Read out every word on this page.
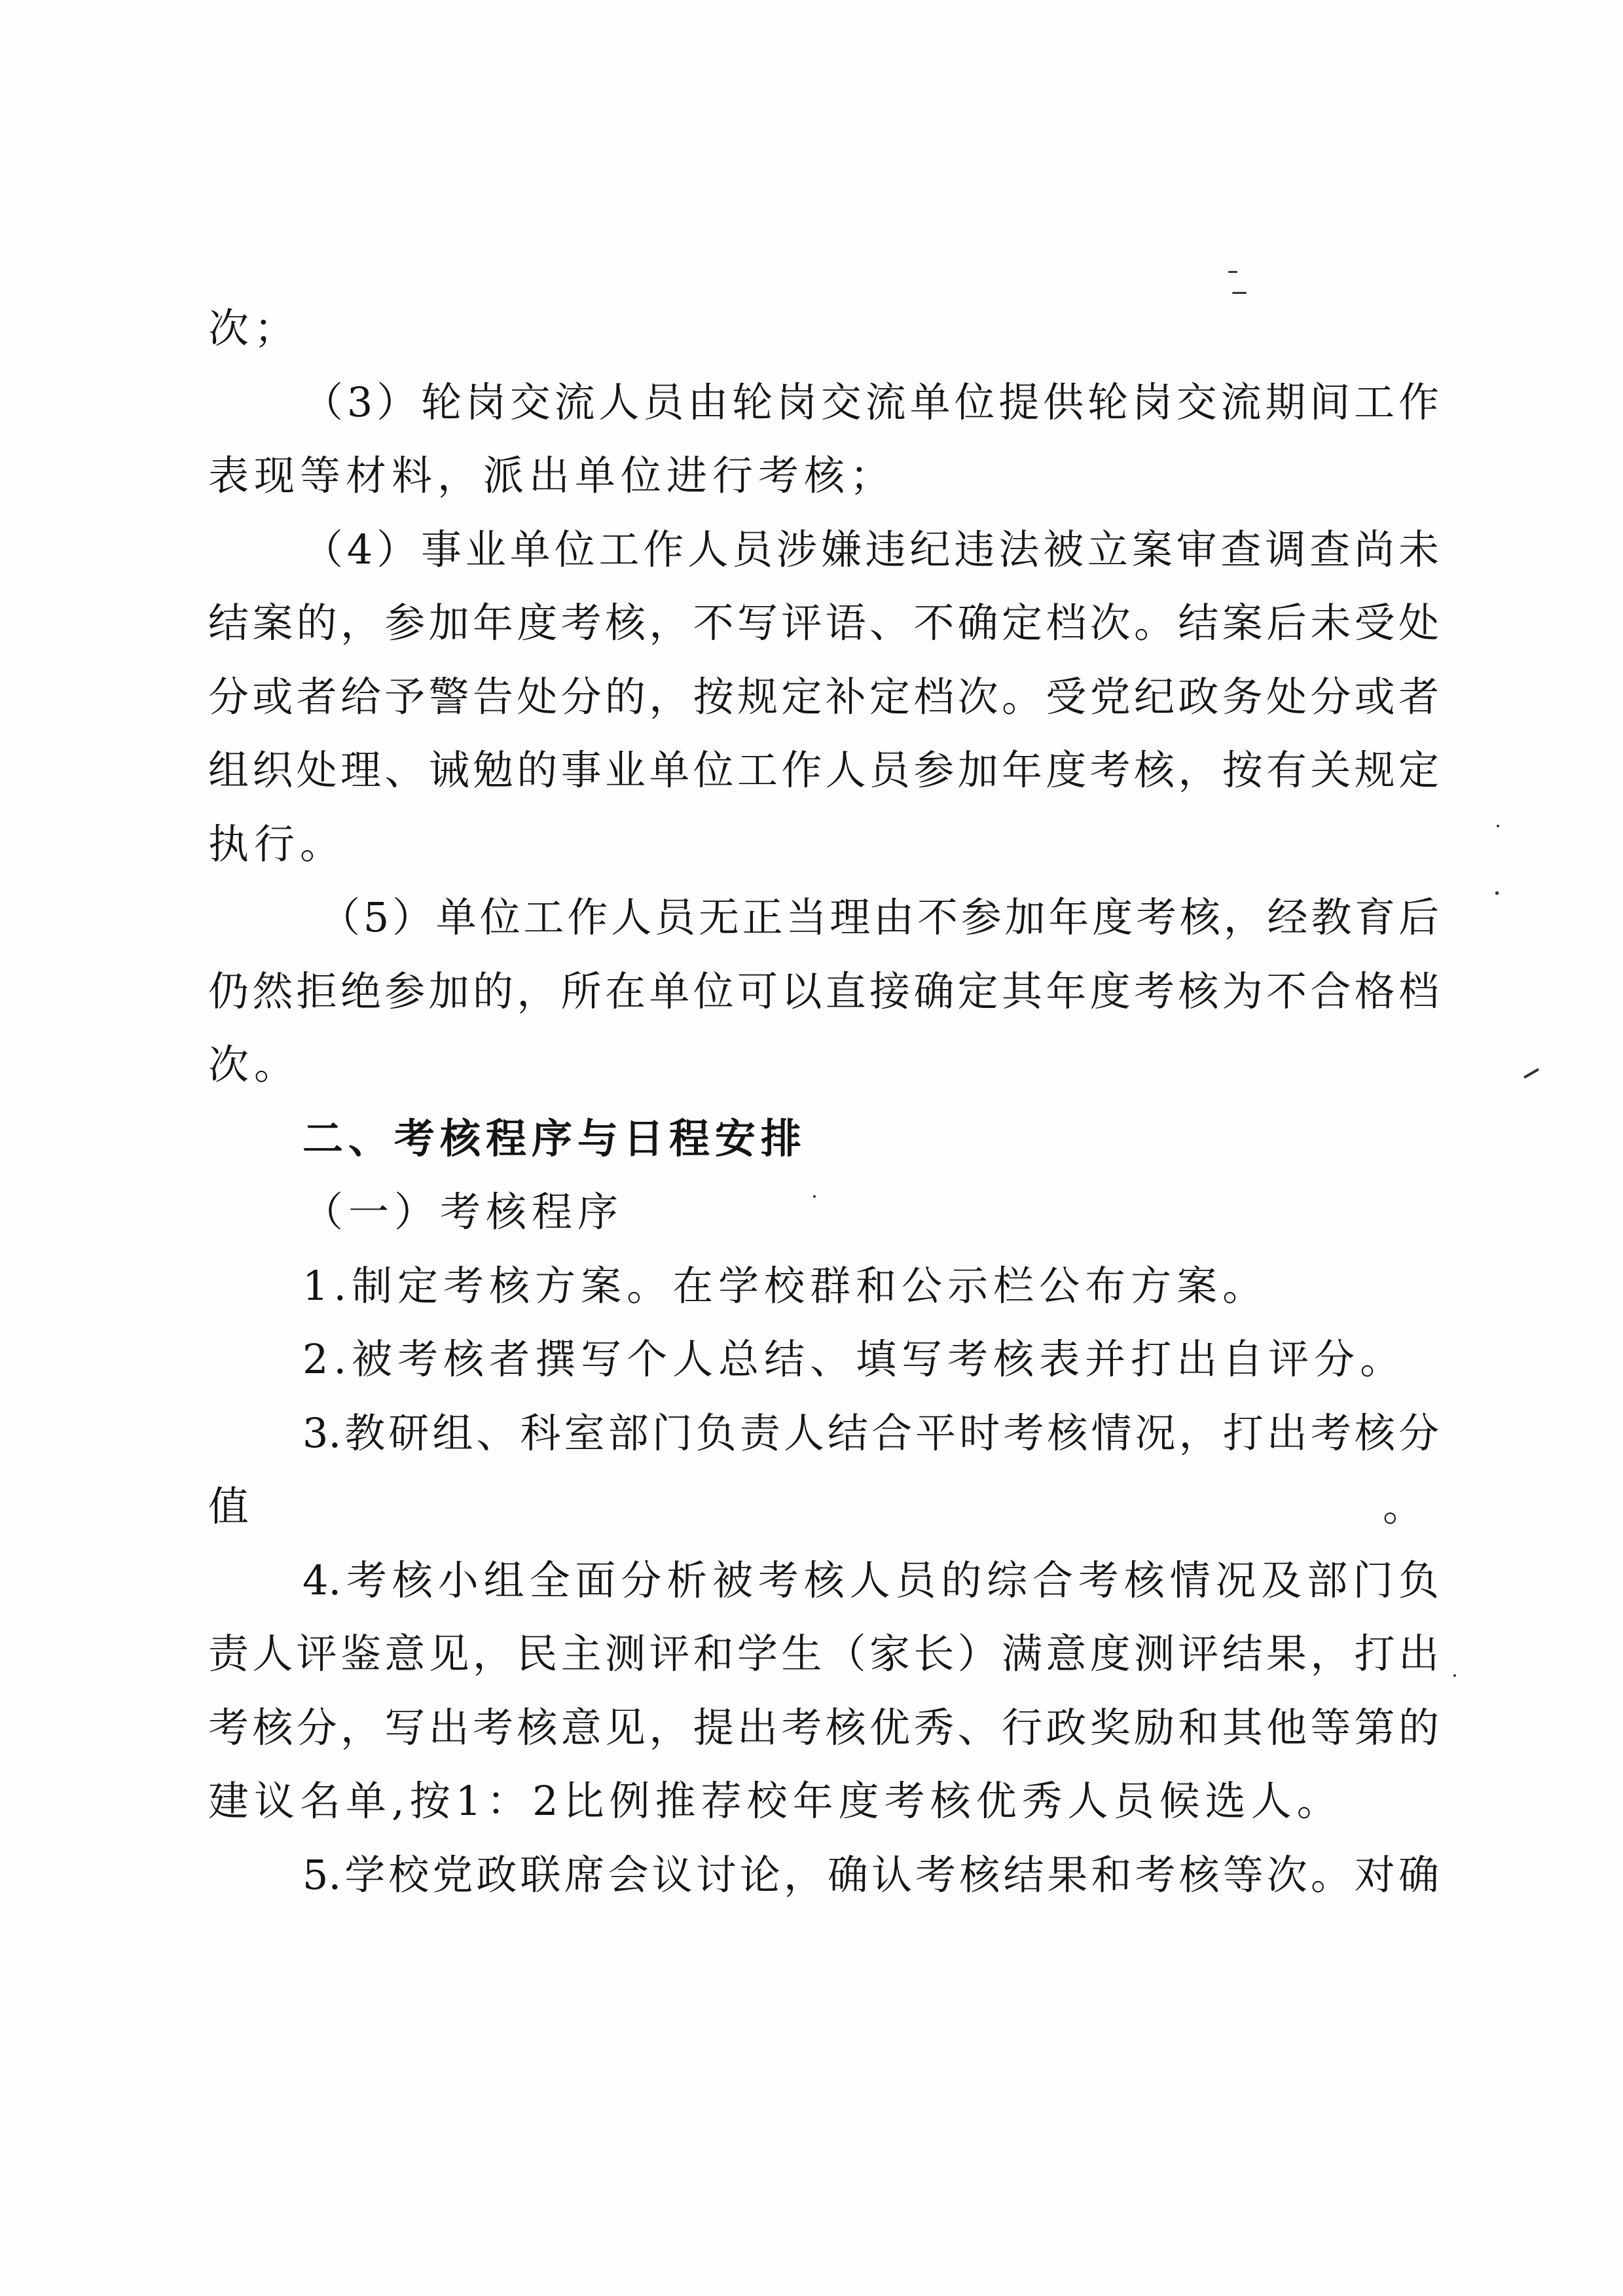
次；
（3）轮岗交流人员由轮岗交流单位提供轮岗交流期间工作
表现等材料，派出单位进行考核；
（4）事业单位工作人员涉嫌违纪违法被立案审查调查尚未
结案的，参加年度考核，不写评语、不确定档次。结案后未受处
分或者给予警告处分的，按规定补定档次。受党纪政务处分或者
组织处理、诫勉的事业单位工作人员参加年度考核，按有关规定
执行。
（5）单位工作人员无正当理由不参加年度考核，经教育后
仍然拒绝参加的，所在单位可以直接确定其年度考核为不合格档
次。
二、考核程序与日程安排
（一）考核程序
1.制定考核方案。在学校群和公示栏公布方案。
2.被考核者撰写个人总结、填写考核表并打出自评分。
3.教研组、科室部门负责人结合平时考核情况，打出考核分
值	。
4.考核小组全面分析被考核人员的综合考核情况及部门负
责人评鉴意见，民主测评和学生（家长）满意度测评结果，打出
考核分，写出考核意见，提出考核优秀、行政奖励和其他等第的
建议名单,按1：2比例推荐校年度考核优秀人员候选人。
5.学校党政联席会议讨论，确认考核结果和考核等次。对确
